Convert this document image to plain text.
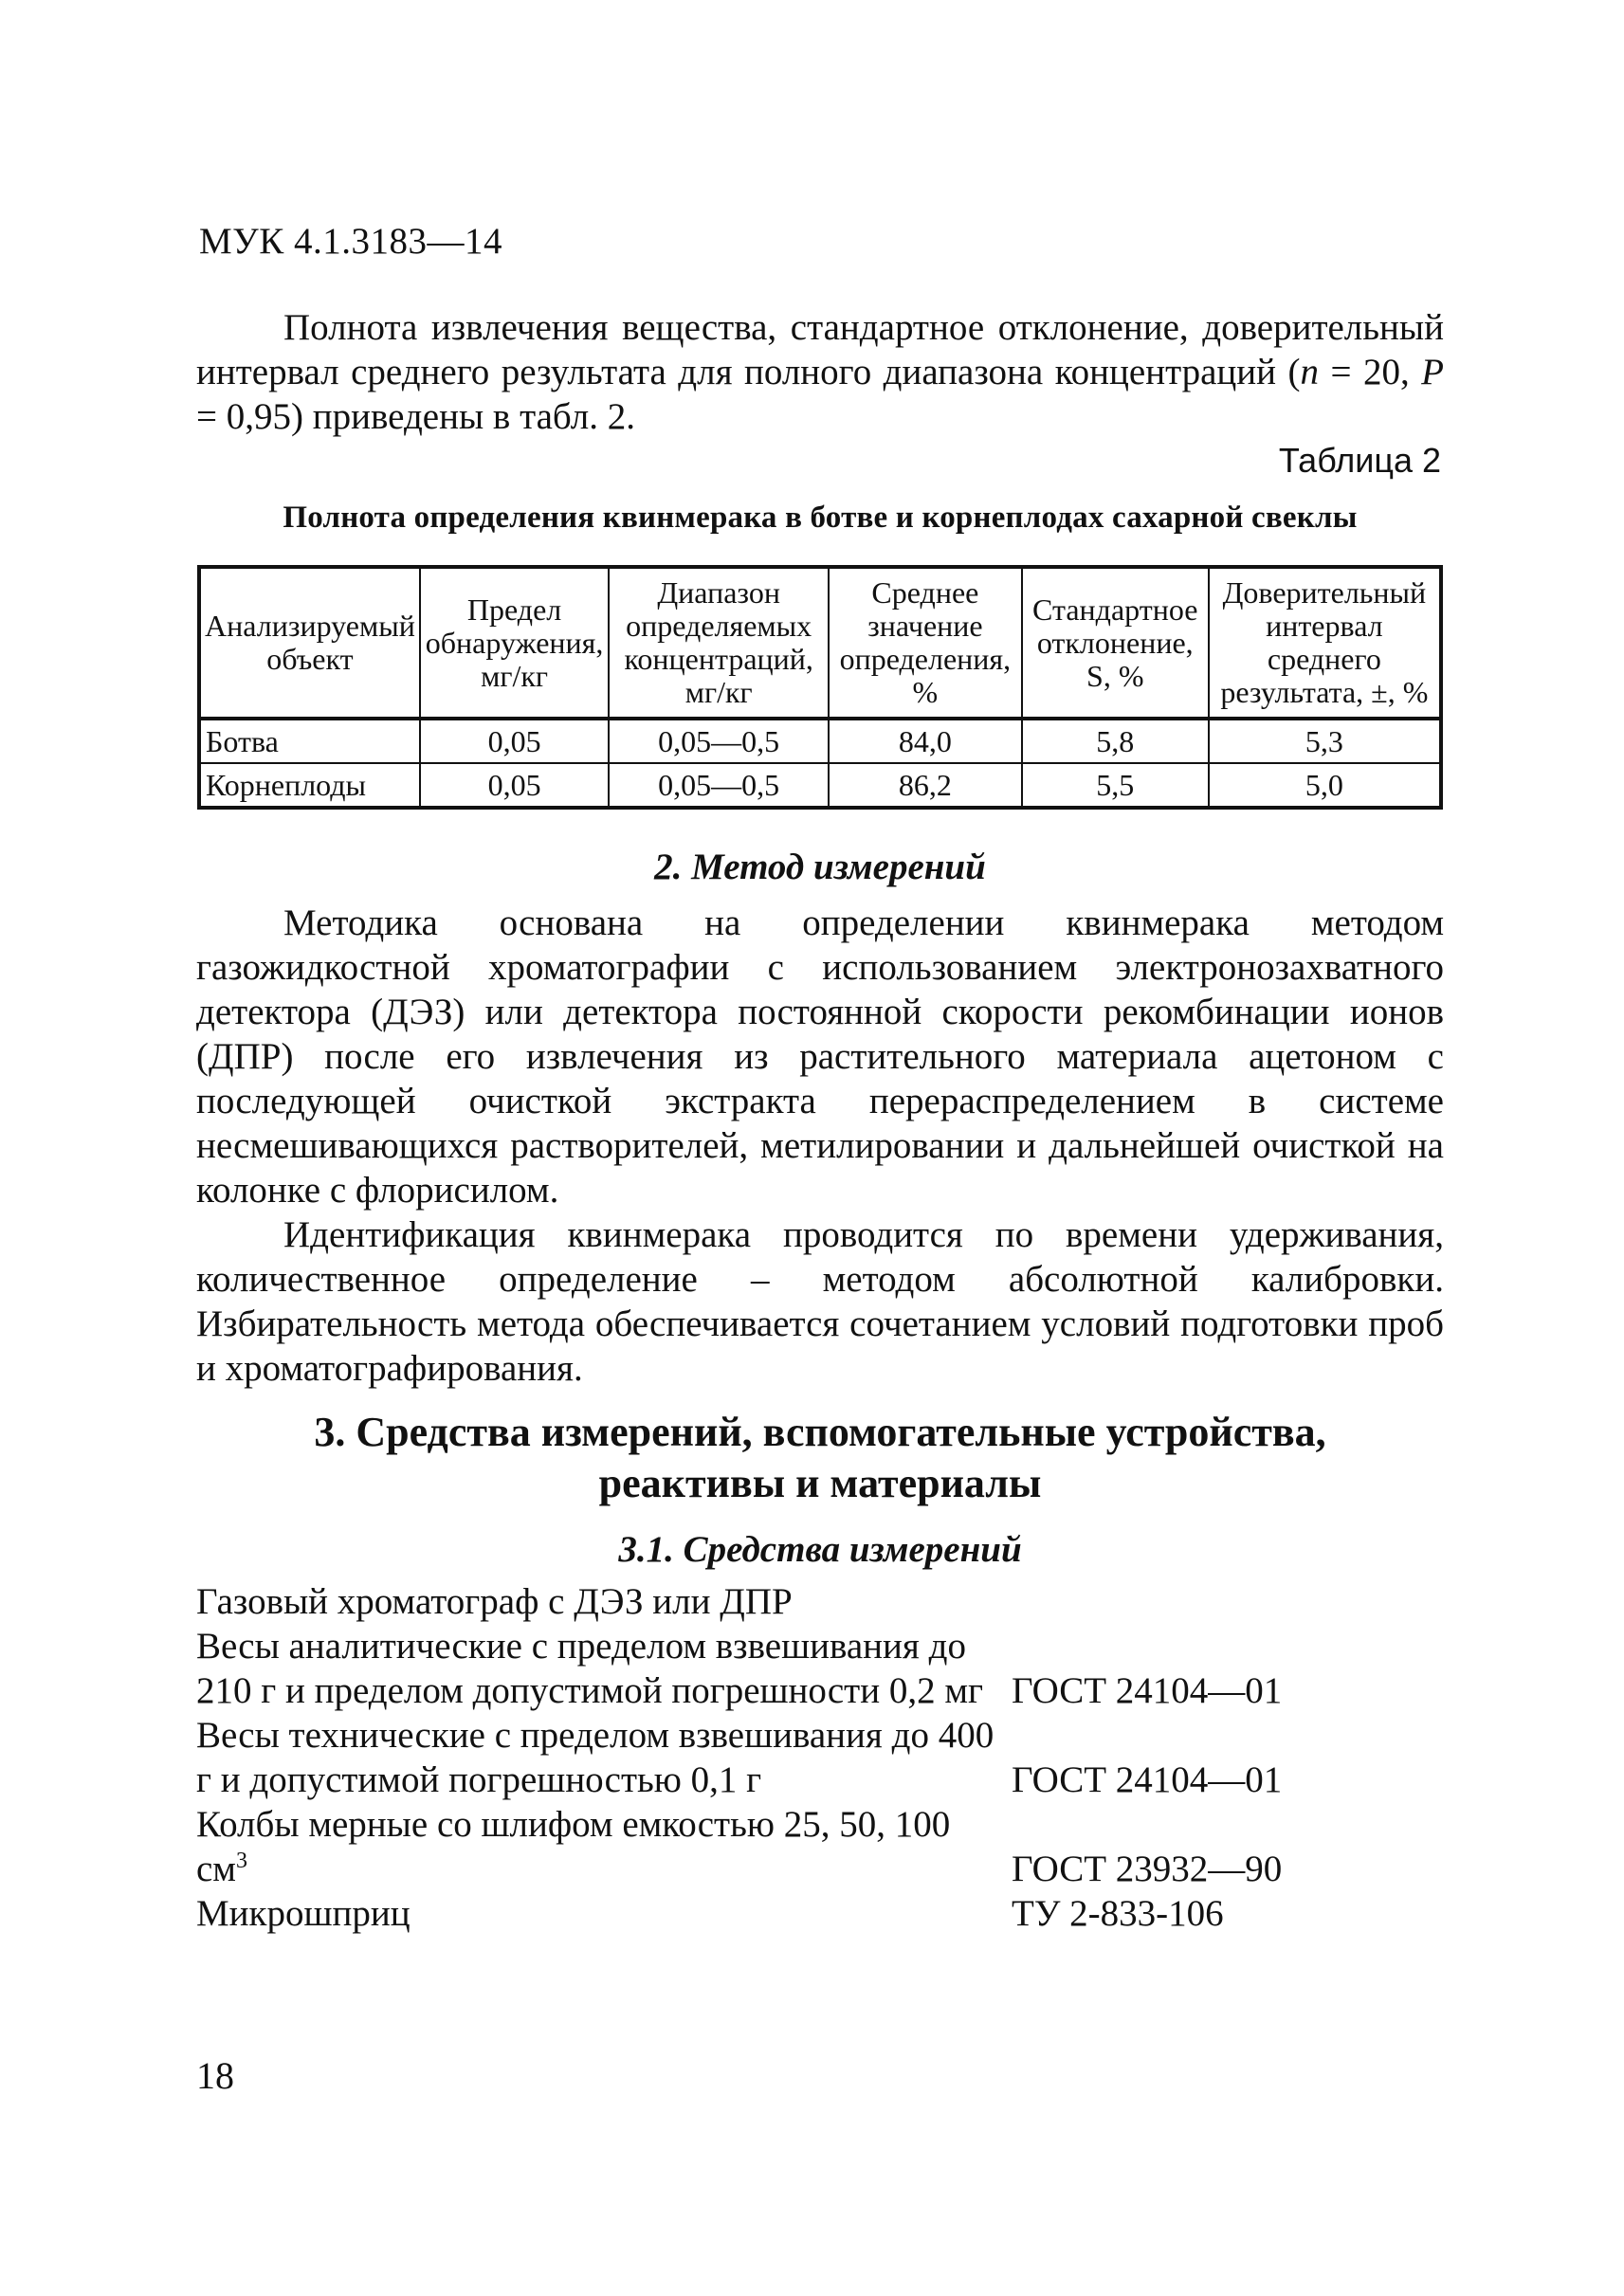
МУК 4.1.3183—14

Полнота извлечения вещества, стандартное отклонение, доверительный интервал среднего результата для полного диапазона концентраций (n = 20, P = 0,95) приведены в табл. 2.

Таблица 2
Полнота определения квинмерака в ботве и корнеплодах сахарной свеклы
Анализируемый объект	Предел обнаружения, мг/кг	Диапазон определяемых концентраций, мг/кг	Среднее значение определения, %	Стандартное отклонение, S, %	Доверительный интервал среднего результата, ±, %
Ботва	0,05	0,05—0,5	84,0	5,8	5,3
Корнеплоды	0,05	0,05—0,5	86,2	5,5	5,0
2. Метод измерений

Методика основана на определении квинмерака методом газожидкостной хроматографии с использованием электронозахватного детектора (ДЭЗ) или детектора постоянной скорости рекомбинации ионов (ДПР) после его извлечения из растительного материала ацетоном с последующей очисткой экстракта перераспределением в системе несмешивающихся растворителей, метилировании и дальнейшей очисткой на колонке с флорисилом.

Идентификация квинмерака проводится по времени удерживания, количественное определение – методом абсолютной калибровки. Избирательность метода обеспечивается сочетанием условий подготовки проб и хроматографирования.

3. Средства измерений, вспомогательные устройства,
реактивы и материалы
3.1. Средства измерений
Газовый хроматограф с ДЭЗ или ДПР
Весы аналитические с пределом взвешивания до 210 г и пределом допустимой погрешности 0,2 мг ГОСТ 24104—01
Весы технические с пределом взвешивания до 400 г и допустимой погрешностью 0,1 г	ГОСТ 24104—01
Колбы мерные со шлифом емкостью 25, 50, 100 $см^3$	ГОСТ 23932—90
Микрошприц	ТУ 2-833-106
18
